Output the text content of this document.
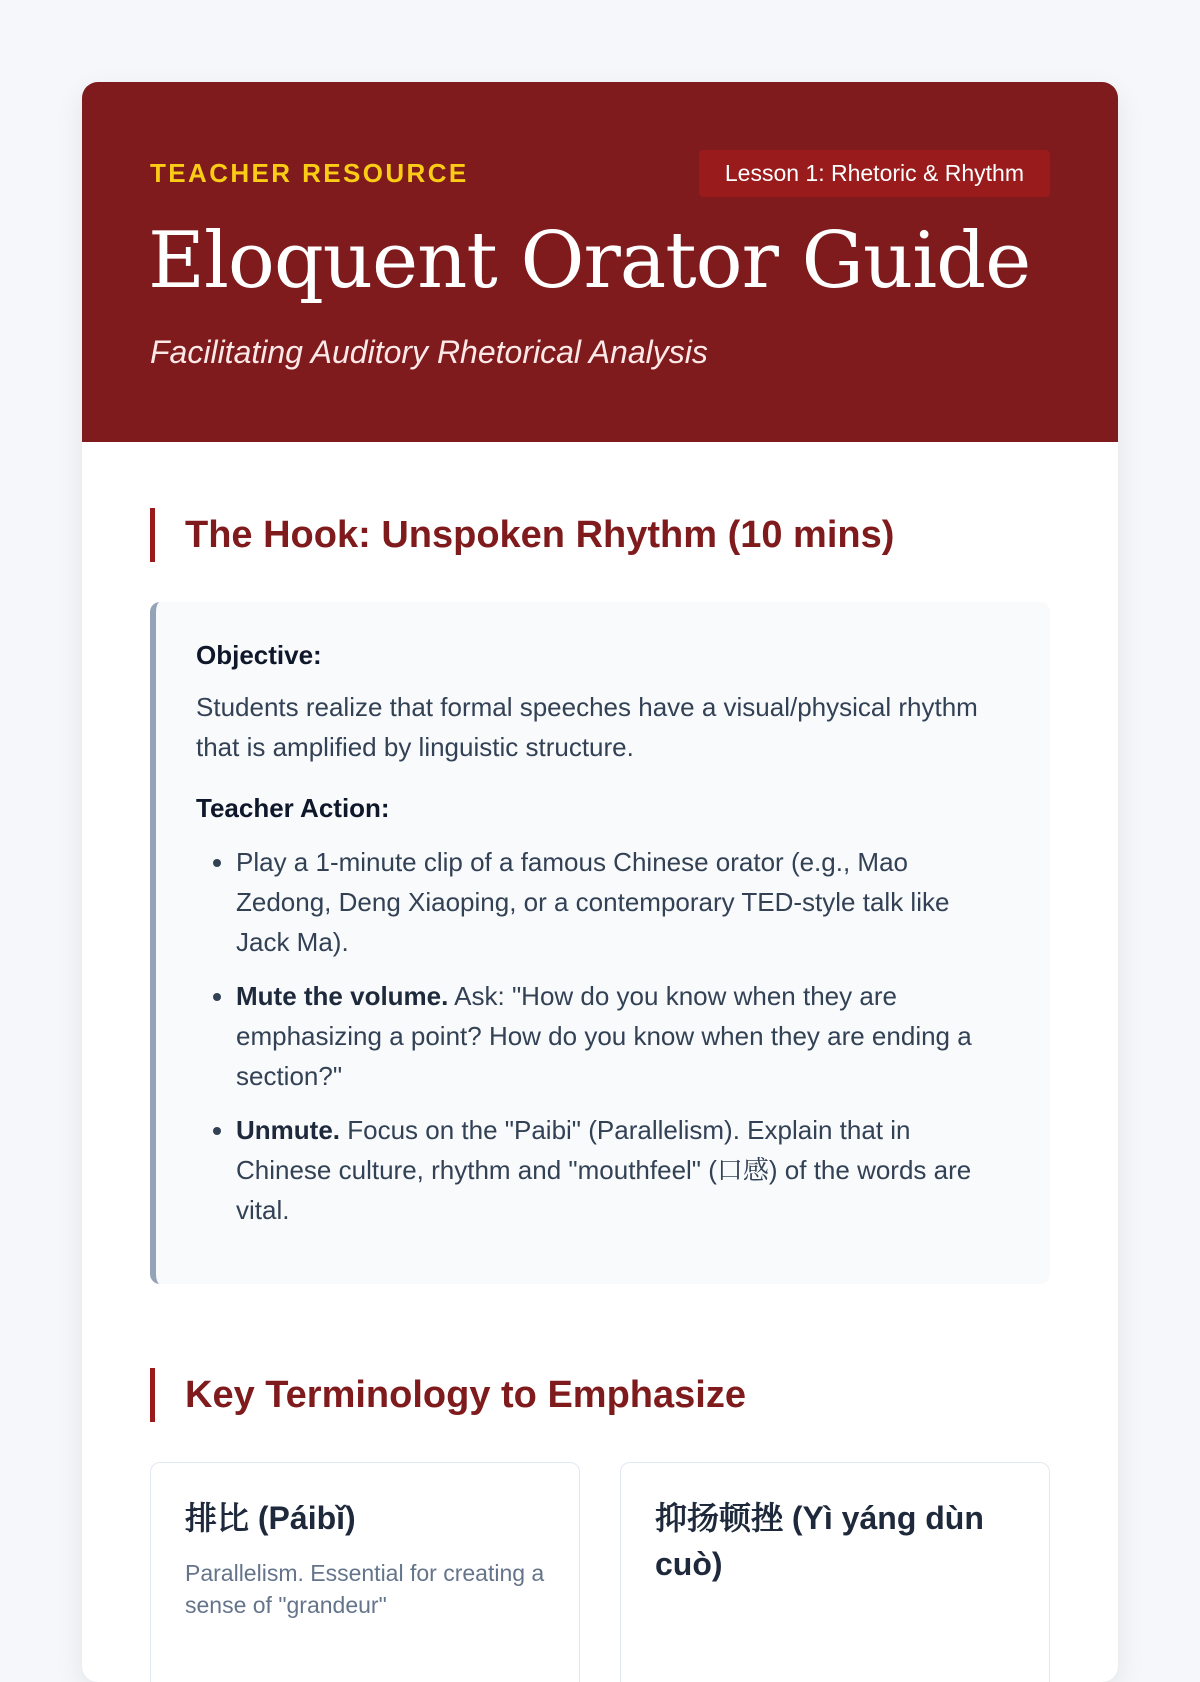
TEACHER RESOURCE	Lesson 1: Rhetoric & Rhythm
Eloquent Orator Guide
Facilitating Auditory Rhetorical Analysis
The Hook: Unspoken Rhythm (10 mins)

Objective:

Students realize that formal speeches have a visual/physical rhythm that is amplified by linguistic structure.

Teacher Action:

• Play a 1-minute clip of a famous Chinese orator (e.g., Mao Zedong, Deng Xiaoping, or a contemporary TED-style talk like Jack Ma).
• Mute the volume. Ask: "How do you know when they are emphasizing a point? How do you know when they are ending a section?"
• Unmute. Focus on the "Paibi" (Parallelism). Explain that in Chinese culture, rhythm and "mouthfeel" (口感) of the words are vital.
Key Terminology to Emphasize

排比 (Páibǐ)

Parallelism. Essential for creating a sense of "grandeur"

抑扬顿挫 (Yì yáng dùn cuò)
